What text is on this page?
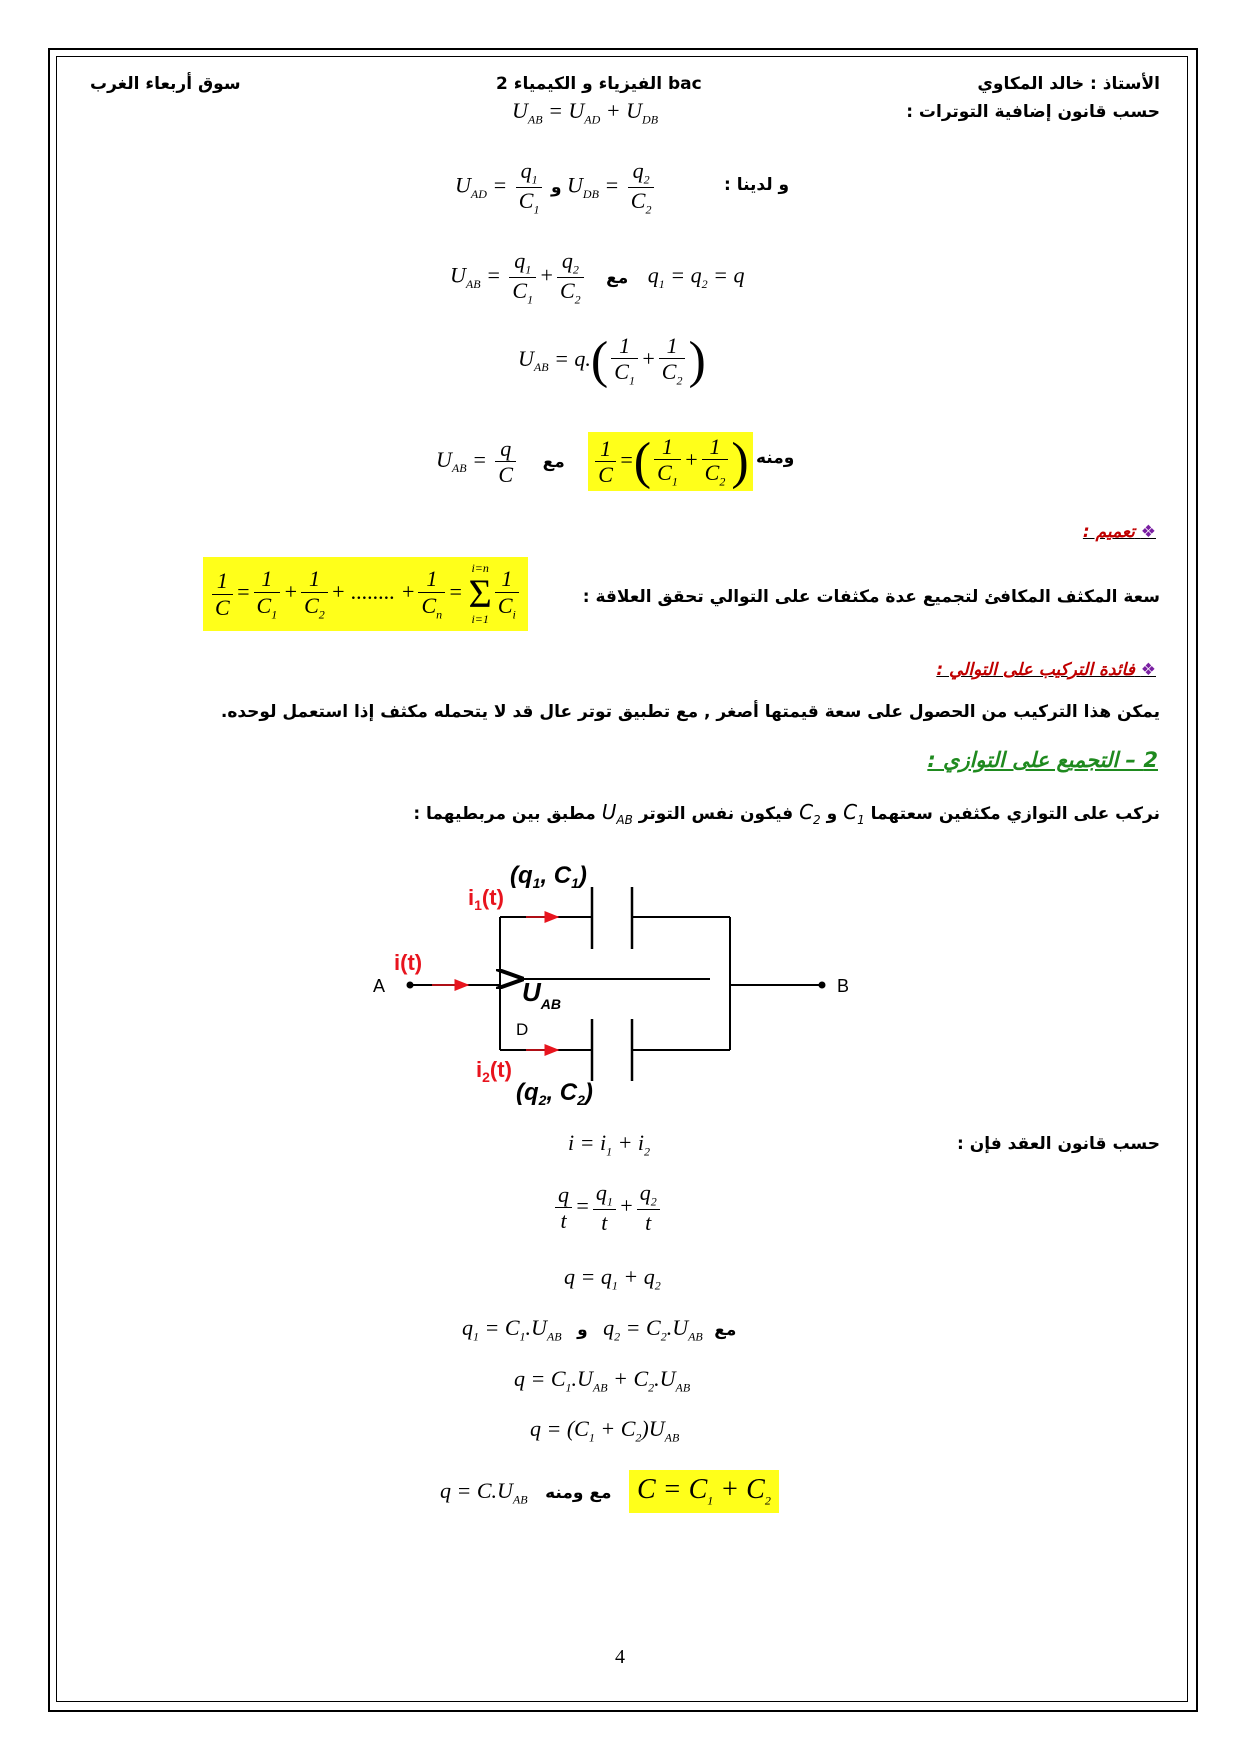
سوق أربعاء الغرب	الفيزياء و الكيمياء 2 bac	الأستاذ : خالد المكاوي
حسب قانون إضافية التوترات :
$U_{AB} = U_{AD} + U_{DB}$
$U_{AD} = \frac{q_1}{C_1}$ و $U_{DB} = \frac{q_2}{C_2}$	و لدينا :
$U_{AB} = \frac{q_1}{C_1} + \frac{q_2}{C_2}$ مع $q_1 = q_2 = q$
$U_{AB} = q.( \frac{1}{C_1} + \frac{1}{C_2}$ )
$U_{AB} = \frac{q}{C}$ مع $\frac{1}{C}$ =( $\frac{1}{C_1} + \frac{1}{C_2}$ ) ومنه
❖ تعميم :
سعة المكثف المكافئ لتجميع عدة مكثفات على التوالي تحقق العلاقة :
$\frac{1}{C} = \frac{1}{C_1} + \frac{1}{C_2}$ + ........ + $\frac{1}{C_n}$ =
i=n
Σ
$i=1 \frac{1}{C_i}$
❖ فائدة التركيب على التوالي :
يمكن هذا التركيب من الحصول على سعة قيمتها أصغر , مع تطبيق توتر عال قد لا يتحمله مكثف إذا استعمل لوحده.
2 – التجميع على التوازي :
نركب على التوازي مكثفين سعتهما $C_1$ و $C_2$ فيكون نفس التوتر $U_{AB}$ مطبق بين مربطيهما :
A	B
D
i(t)
$i_1(t)$
$i_2(t)$
($q_1$, $C_1$)
($q_2$, $C_2$)
$U_{AB}$
حسب قانون العقد فإن :
$i = i_1 + i_2$
$\frac{q}{t} = \frac{q_1}{t} + \frac{q_2}{t}$
$q = q_1 + q_2$
$q_1 = C_1.U_{AB}$ و $q_2 = C_2.U_{AB}$ مع
$q = C_1.U_{AB} + C_2.U_{AB}$
$q = (C_1 + C_2)U_{AB}$
$q = C.U_{AB}$ مع ومنه $C = C_1 + C_2$
4
